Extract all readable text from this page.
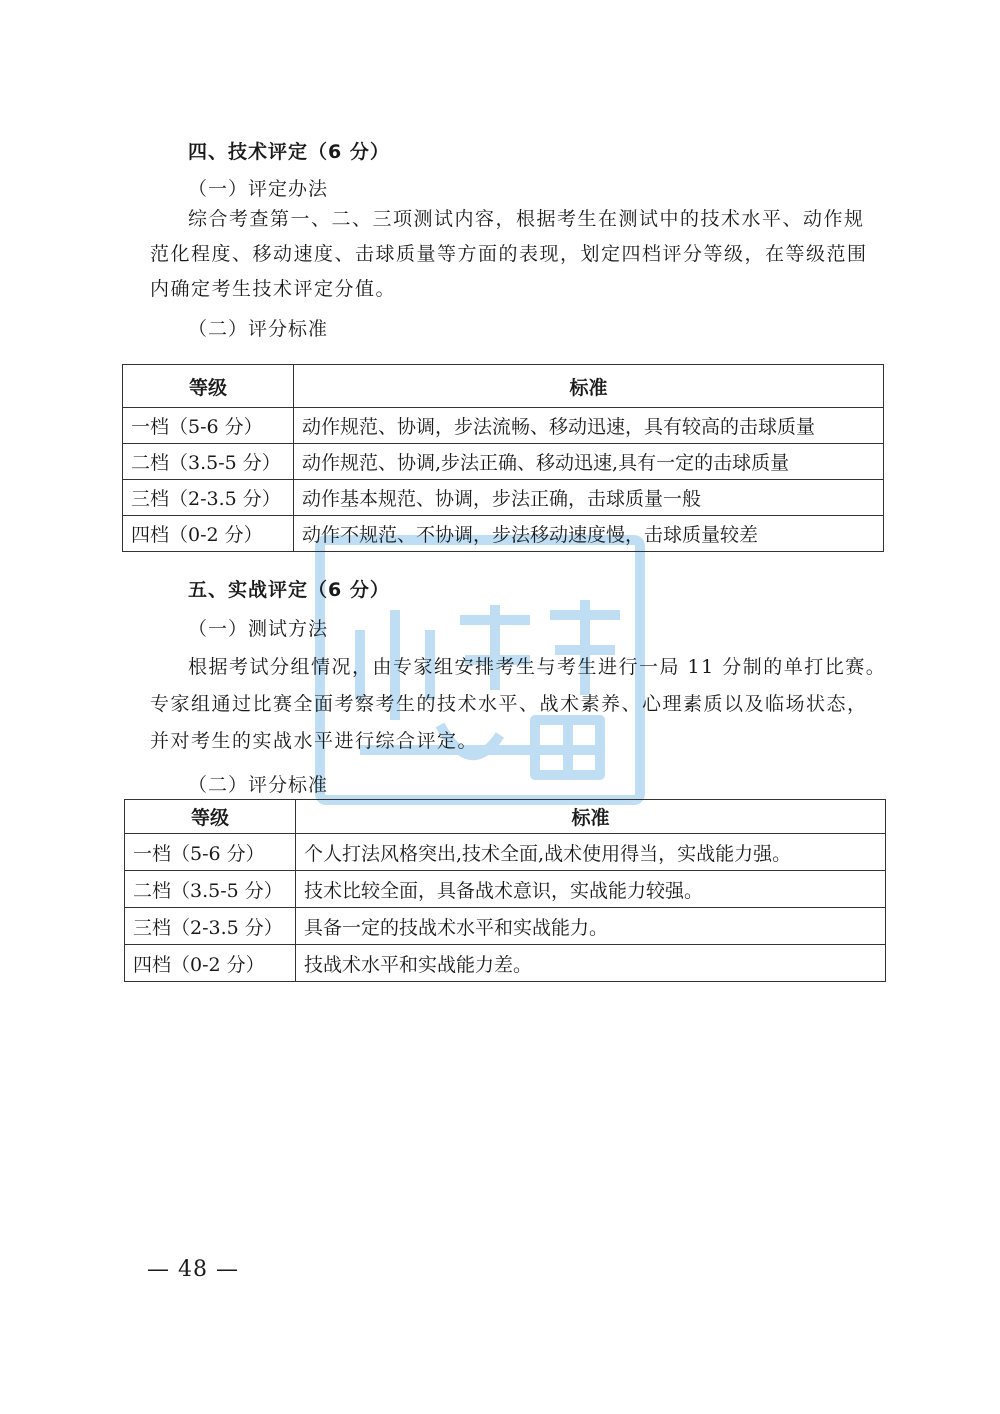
四、技术评定（6 分）
（一）评定办法
综合考查第一、二、三项测试内容，根据考生在测试中的技术水平、动作规
范化程度、移动速度、击球质量等方面的表现，划定四档评分等级，在等级范围
内确定考生技术评定分值。
（二）评分标准
等级	标准
一档（5-6 分）	动作规范、协调，步法流畅、移动迅速，具有较高的击球质量
二档（3.5-5 分）	动作规范、协调,步法正确、移动迅速,具有一定的击球质量
三档（2-3.5 分）	动作基本规范、协调，步法正确，击球质量一般
四档（0-2 分）	动作不规范、不协调，步法移动速度慢，击球质量较差
五、实战评定（6 分）
（一）测试方法
根据考试分组情况，由专家组安排考生与考生进行一局 11 分制的单打比赛。
专家组通过比赛全面考察考生的技术水平、战术素养、心理素质以及临场状态，
并对考生的实战水平进行综合评定。
（二）评分标准
等级	标准
一档（5-6 分）	个人打法风格突出,技术全面,战术使用得当，实战能力强。
二档（3.5-5 分）	技术比较全面，具备战术意识，实战能力较强。
三档（2-3.5 分）	具备一定的技战术水平和实战能力。
四档（0-2 分）	技战术水平和实战能力差。
— 48 —
